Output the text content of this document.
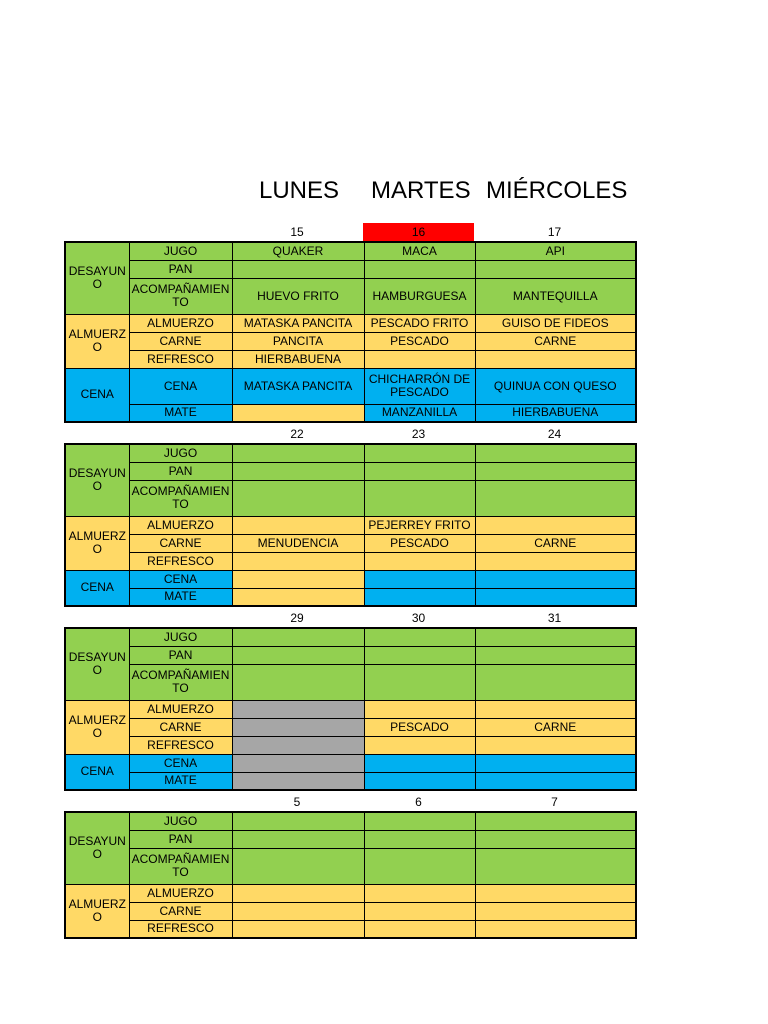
LUNES MARTES MIÉRCOLES
15	16	17
DESAYUNO	JUGO	QUAKER	MACA	API
	PAN			
	ACOMPAÑAMIENTO	HUEVO FRITO	HAMBURGUESA	MANTEQUILLA
ALMUERZO	ALMUERZO	MATASKA PANCITA	PESCADO FRITO	GUISO DE FIDEOS
	CARNE	PANCITA	PESCADO	CARNE
	REFRESCO	HIERBABUENA		
CENA	CENA	MATASKA PANCITA	CHICHARRÓN DE PESCADO	QUINUA CON QUESO
	MATE		MANZANILLA	HIERBABUENA
22	23	24
DESAYUNO	JUGO			
	PAN			
	ACOMPAÑAMIENTO			
ALMUERZO	ALMUERZO		PEJERREY FRITO	
	CARNE	MENUDENCIA	PESCADO	CARNE
	REFRESCO			
CENA	CENA			
	MATE			
29	30	31
DESAYUNO	JUGO			
	PAN			
	ACOMPAÑAMIENTO			
ALMUERZO	ALMUERZO			
	CARNE		PESCADO	CARNE
	REFRESCO			
CENA	CENA			
	MATE			
5	6	7
DESAYUNO	JUGO			
	PAN			
	ACOMPAÑAMIENTO			
ALMUERZO	ALMUERZO			
	CARNE			
	REFRESCO			
